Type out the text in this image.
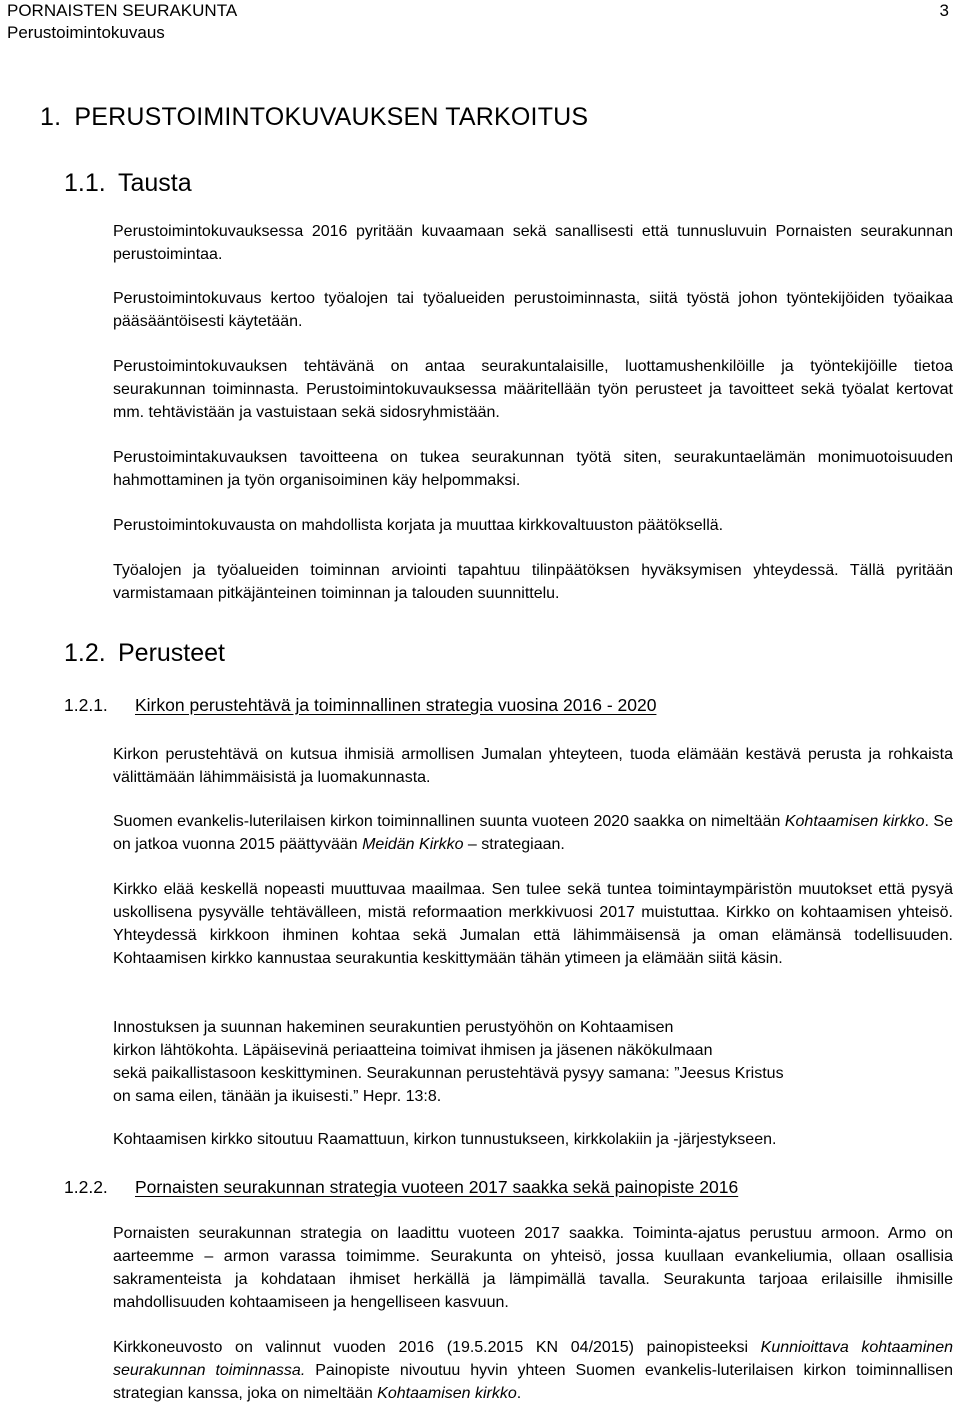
PORNAISTEN SEURAKUNTA
Perustoimintokuvaus
3
1. PERUSTOIMINTOKUVAUKSEN TARKOITUS
1.1. Tausta

Perustoimintokuvauksessa 2016 pyritään kuvaamaan sekä sanallisesti että tunnusluvuin Pornaisten seurakunnan perustoimintaa.

Perustoimintokuvaus kertoo työalojen tai työalueiden perustoiminnasta, siitä työstä johon työntekijöiden työaikaa pääsääntöisesti käytetään.

Perustoimintokuvauksen tehtävänä on antaa seurakuntalaisille, luottamushenkilöille ja työntekijöille tietoa seurakunnan toiminnasta. Perustoimintokuvauksessa määritellään työn perusteet ja tavoitteet sekä työalat kertovat mm. tehtävistään ja vastuistaan sekä sidosryhmistään.

Perustoimintakuvauksen tavoitteena on tukea seurakunnan työtä siten, seurakuntaelämän monimuotoisuuden hahmottaminen ja työn organisoiminen käy helpommaksi.

Perustoimintokuvausta on mahdollista korjata ja muuttaa kirkkovaltuuston päätöksellä.

Työalojen ja työalueiden toiminnan arviointi tapahtuu tilinpäätöksen hyväksymisen yhteydessä. Tällä pyritään varmistamaan pitkäjänteinen toiminnan ja talouden suunnittelu.

1.2. Perusteet
1.2.1. Kirkon perustehtävä ja toiminnallinen strategia vuosina 2016 - 2020

Kirkon perustehtävä on kutsua ihmisiä armollisen Jumalan yhteyteen, tuoda elämään kestävä perusta ja rohkaista välittämään lähimmäisistä ja luomakunnasta.

Suomen evankelis-luterilaisen kirkon toiminnallinen suunta vuoteen 2020 saakka on nimeltään Kohtaamisen kirkko. Se on jatkoa vuonna 2015 päättyvään Meidän Kirkko – strategiaan.

Kirkko elää keskellä nopeasti muuttuvaa maailmaa. Sen tulee sekä tuntea toimintaympäristön muutokset että pysyä uskollisena pysyvälle tehtävälleen, mistä reformaation merkkivuosi 2017 muistuttaa. Kirkko on kohtaamisen yhteisö. Yhteydessä kirkkoon ihminen kohtaa sekä Jumalan että lähimmäisensä ja oman elämänsä todellisuuden. Kohtaamisen kirkko kannustaa seurakuntia keskittymään tähän ytimeen ja elämään siitä käsin.

Innostuksen ja suunnan hakeminen seurakuntien perustyöhön on Kohtaamisen
kirkon lähtökohta. Läpäisevinä periaatteina toimivat ihmisen ja jäsenen näkökulmaan
sekä paikallistasoon keskittyminen. Seurakunnan perustehtävä pysyy samana: ”Jeesus Kristus
on sama eilen, tänään ja ikuisesti.” Hepr. 13:8.

Kohtaamisen kirkko sitoutuu Raamattuun, kirkon tunnustukseen, kirkkolakiin ja -järjestykseen.

1.2.2. Pornaisten seurakunnan strategia vuoteen 2017 saakka sekä painopiste 2016

Pornaisten seurakunnan strategia on laadittu vuoteen 2017 saakka. Toiminta-ajatus perustuu armoon. Armo on aarteemme – armon varassa toimimme. Seurakunta on yhteisö, jossa kuullaan evankeliumia, ollaan osallisia sakramenteista ja kohdataan ihmiset herkällä ja lämpimällä tavalla. Seurakunta tarjoaa erilaisille ihmisille mahdollisuuden kohtaamiseen ja hengelliseen kasvuun.

Kirkkoneuvosto on valinnut vuoden 2016 (19.5.2015 KN 04/2015) painopisteeksi Kunnioittava kohtaaminen seurakunnan toiminnassa. Painopiste nivoutuu hyvin yhteen Suomen evankelis-luterilaisen kirkon toiminnallisen strategian kanssa, joka on nimeltään Kohtaamisen kirkko.
